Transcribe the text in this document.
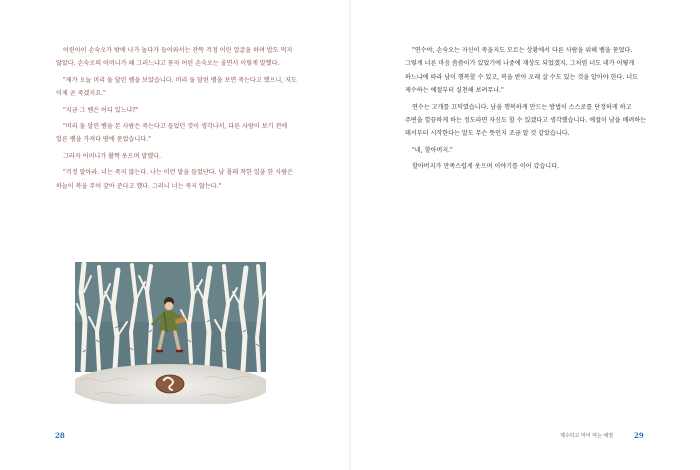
어린아이 손숙오가 밖에 나가 놀다가 들어와서는 잔뜩 걱정 어린 얼굴을 하며 밥도 먹지 않았다. 손숙오의 어머니가 왜 그러느냐고 묻자 어린 손숙오는 울면서 이렇게 말했다.

"제가 오늘 머리 둘 달린 뱀을 보았습니다. 머리 둘 달린 뱀을 보면 죽는다고 했으니, 저도 이제 곧 죽겠지요."

"지금 그 뱀은 어디 있느냐?"

"머리 둘 달린 뱀을 본 사람은 죽는다고 들었던 것이 생각나서, 다른 사람이 보기 전에 얼른 뱀을 가져다 땅에 묻었습니다."

그러자 어머니가 활짝 웃으며 말했다.

"걱정 말아라. 너는 죽지 않는다. 나는 이런 말을 들었단다. 남 몰래 착한 일을 한 사람은 하늘이 복을 주어 갚아 준다고 했다. 그러니 너는 죽지 않는다."

28

"연수야, 손숙오는 자신이 죽을지도 모르는 상황에서 다른 사람을 위해 뱀을 묻었다. 그렇게 너른 마음 씀씀이가 있었기에 나중에 재상도 되었겠지. 그처럼 너도 네가 어떻게 하느냐에 따라 남이 행복할 수 있고, 복을 받아 오래 살 수도 있는 것을 알아야 한다. 너도 제수하는 예절부터 실천해 보려무나."

연수는 고개를 끄덕였습니다. 남을 행복하게 만드는 방법이 스스로를 단정하게 하고 주변을 깔끔하게 하는 정도라면 자신도 할 수 있겠다고 생각했습니다. 예절이 남을 배려하는 데서부터 시작한다는 말도 무슨 뜻인지 조금 알 것 같았습니다.

"네, 할아버지."

할아버지가 만족스럽게 웃으며 이야기를 이어 갔습니다.

제수하고 마어 먹는 예절	29
